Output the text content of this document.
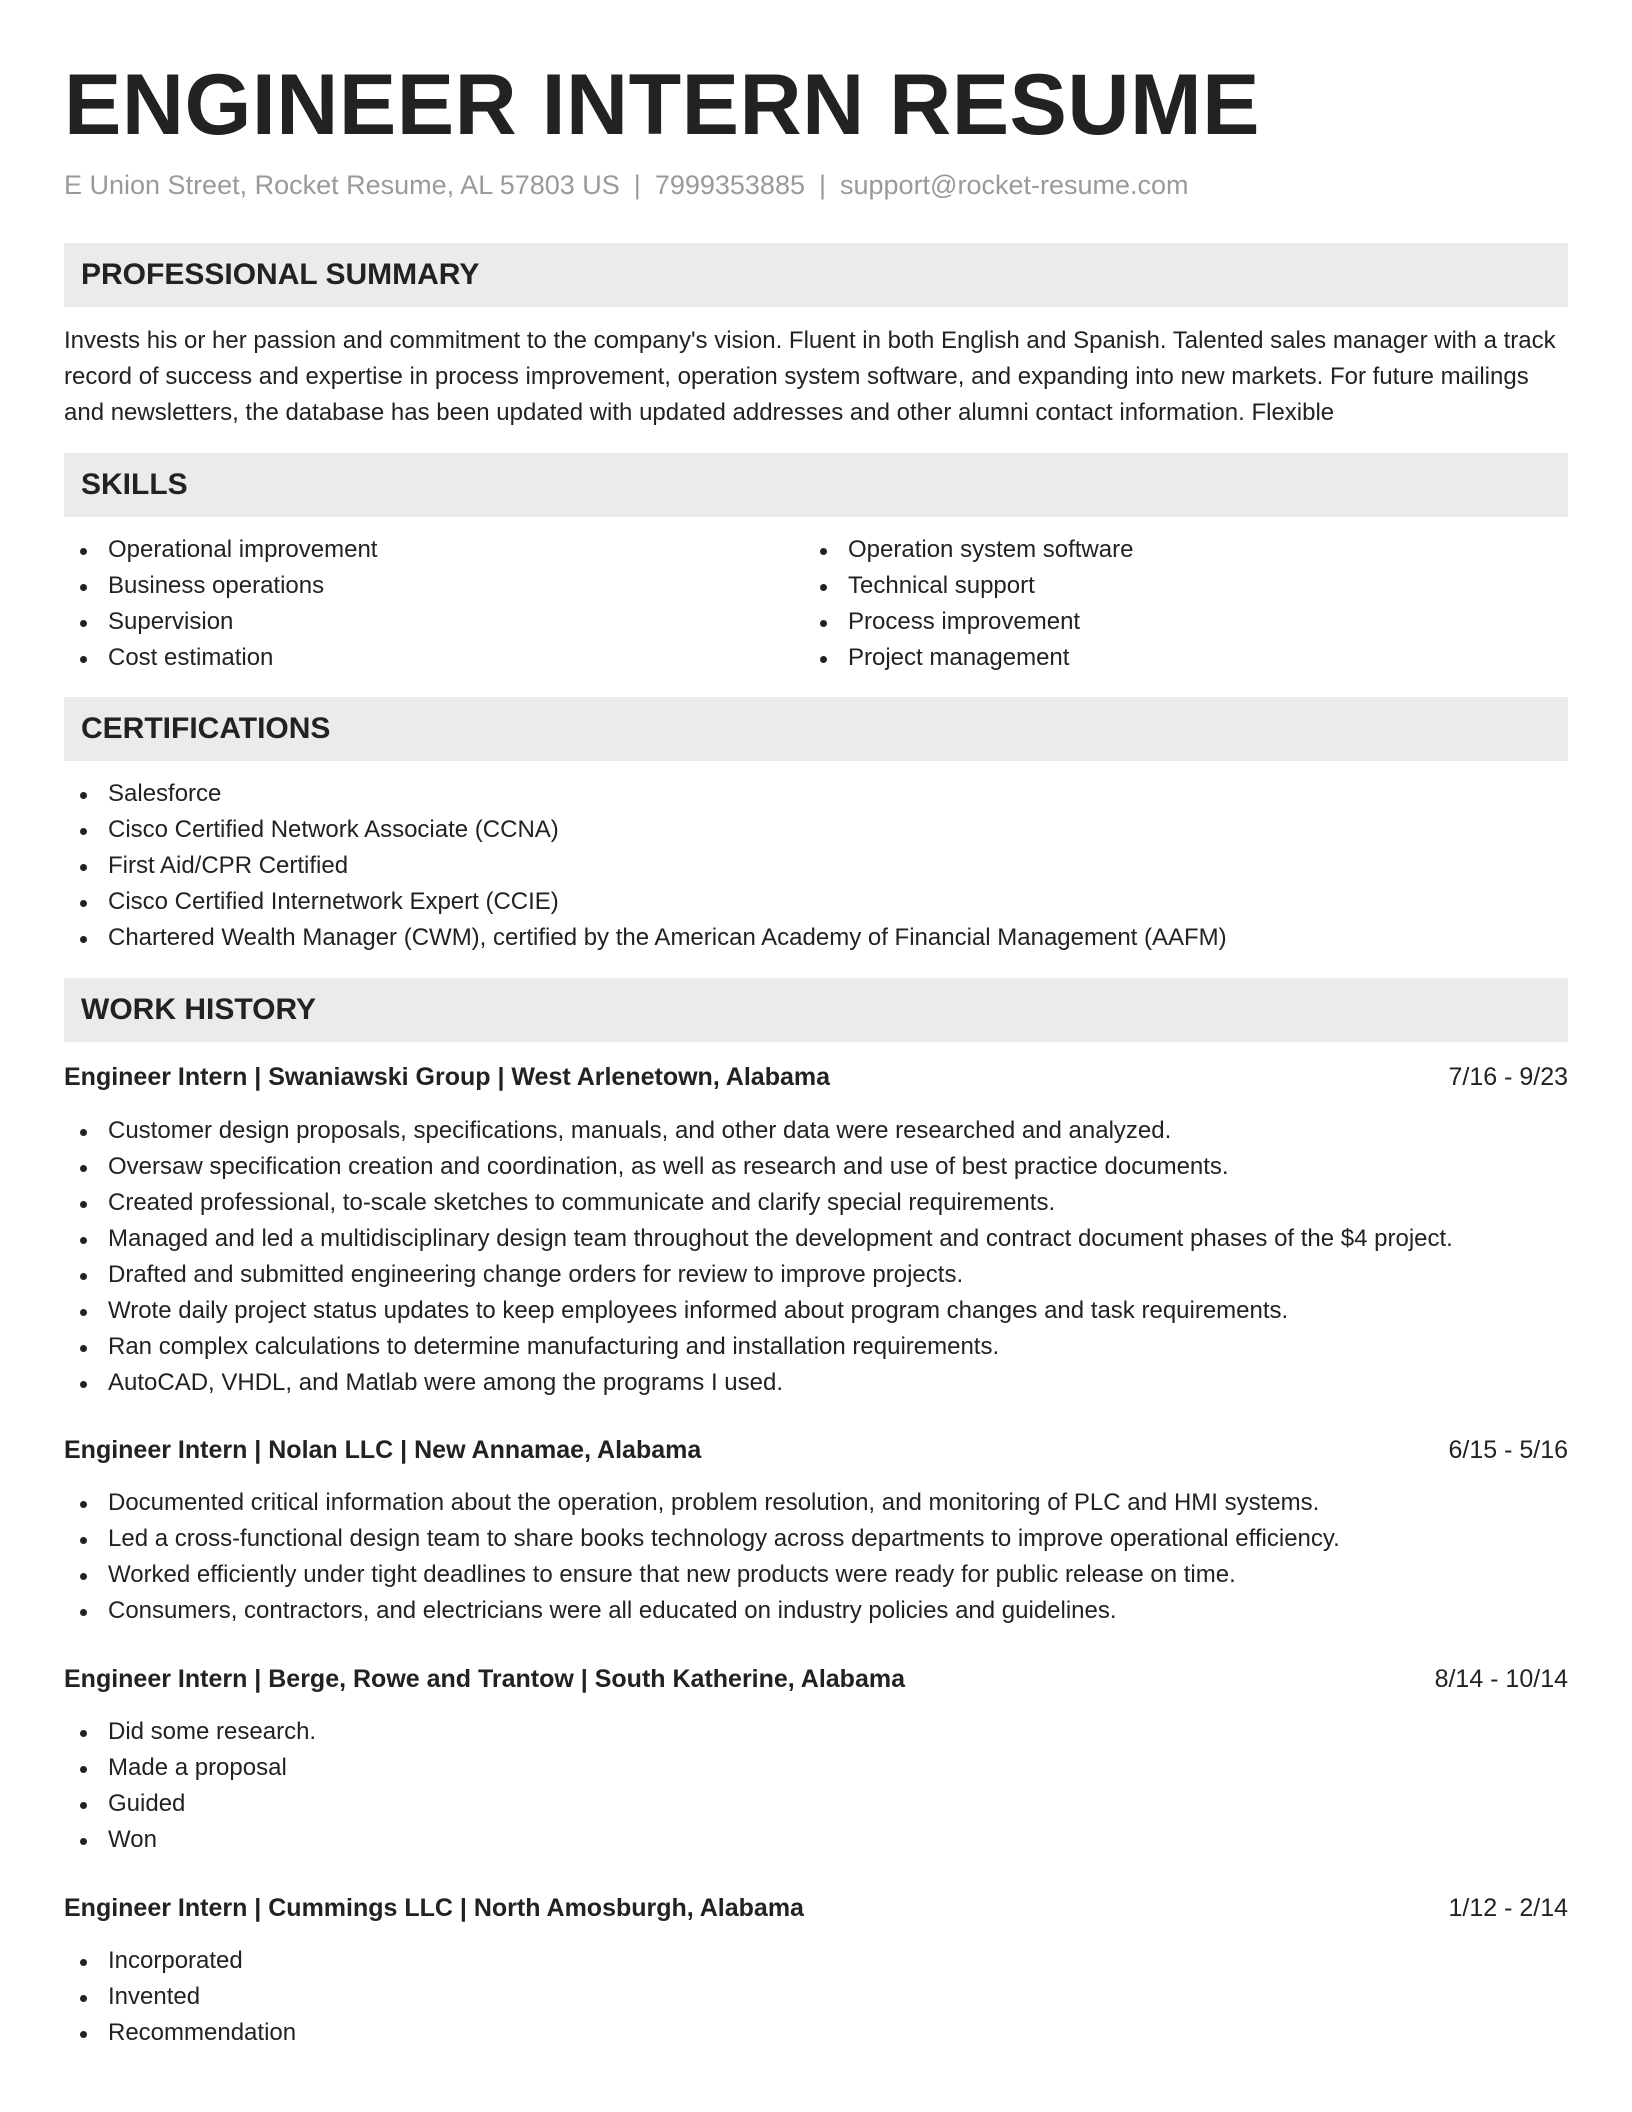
ENGINEER INTERN RESUME
E Union Street, Rocket Resume, AL 57803 US | 7999353885 | support@rocket-resume.com
PROFESSIONAL SUMMARY

Invests his or her passion and commitment to the company's vision. Fluent in both English and Spanish. Talented sales manager with a track record of success and expertise in process improvement, operation system software, and expanding into new markets. For future mailings and newsletters, the database has been updated with updated addresses and other alumni contact information. Flexible

SKILLS
Operational improvement
Business operations
Supervision
Cost estimation
Operation system software
Technical support
Process improvement
Project management
CERTIFICATIONS
Salesforce
Cisco Certified Network Associate (CCNA)
First Aid/CPR Certified
Cisco Certified Internetwork Expert (CCIE)
Chartered Wealth Manager (CWM), certified by the American Academy of Financial Management (AAFM)
WORK HISTORY
Engineer Intern | Swaniawski Group | West Arlenetown, Alabama	7/16 - 9/23
Customer design proposals, specifications, manuals, and other data were researched and analyzed.
Oversaw specification creation and coordination, as well as research and use of best practice documents.
Created professional, to-scale sketches to communicate and clarify special requirements.
Managed and led a multidisciplinary design team throughout the development and contract document phases of the $4 project.
Drafted and submitted engineering change orders for review to improve projects.
Wrote daily project status updates to keep employees informed about program changes and task requirements.
Ran complex calculations to determine manufacturing and installation requirements.
AutoCAD, VHDL, and Matlab were among the programs I used.
Engineer Intern | Nolan LLC | New Annamae, Alabama	6/15 - 5/16
Documented critical information about the operation, problem resolution, and monitoring of PLC and HMI systems.
Led a cross-functional design team to share books technology across departments to improve operational efficiency.
Worked efficiently under tight deadlines to ensure that new products were ready for public release on time.
Consumers, contractors, and electricians were all educated on industry policies and guidelines.
Engineer Intern | Berge, Rowe and Trantow | South Katherine, Alabama	8/14 - 10/14
Did some research.
Made a proposal
Guided
Won
Engineer Intern | Cummings LLC | North Amosburgh, Alabama	1/12 - 2/14
Incorporated
Invented
Recommendation
